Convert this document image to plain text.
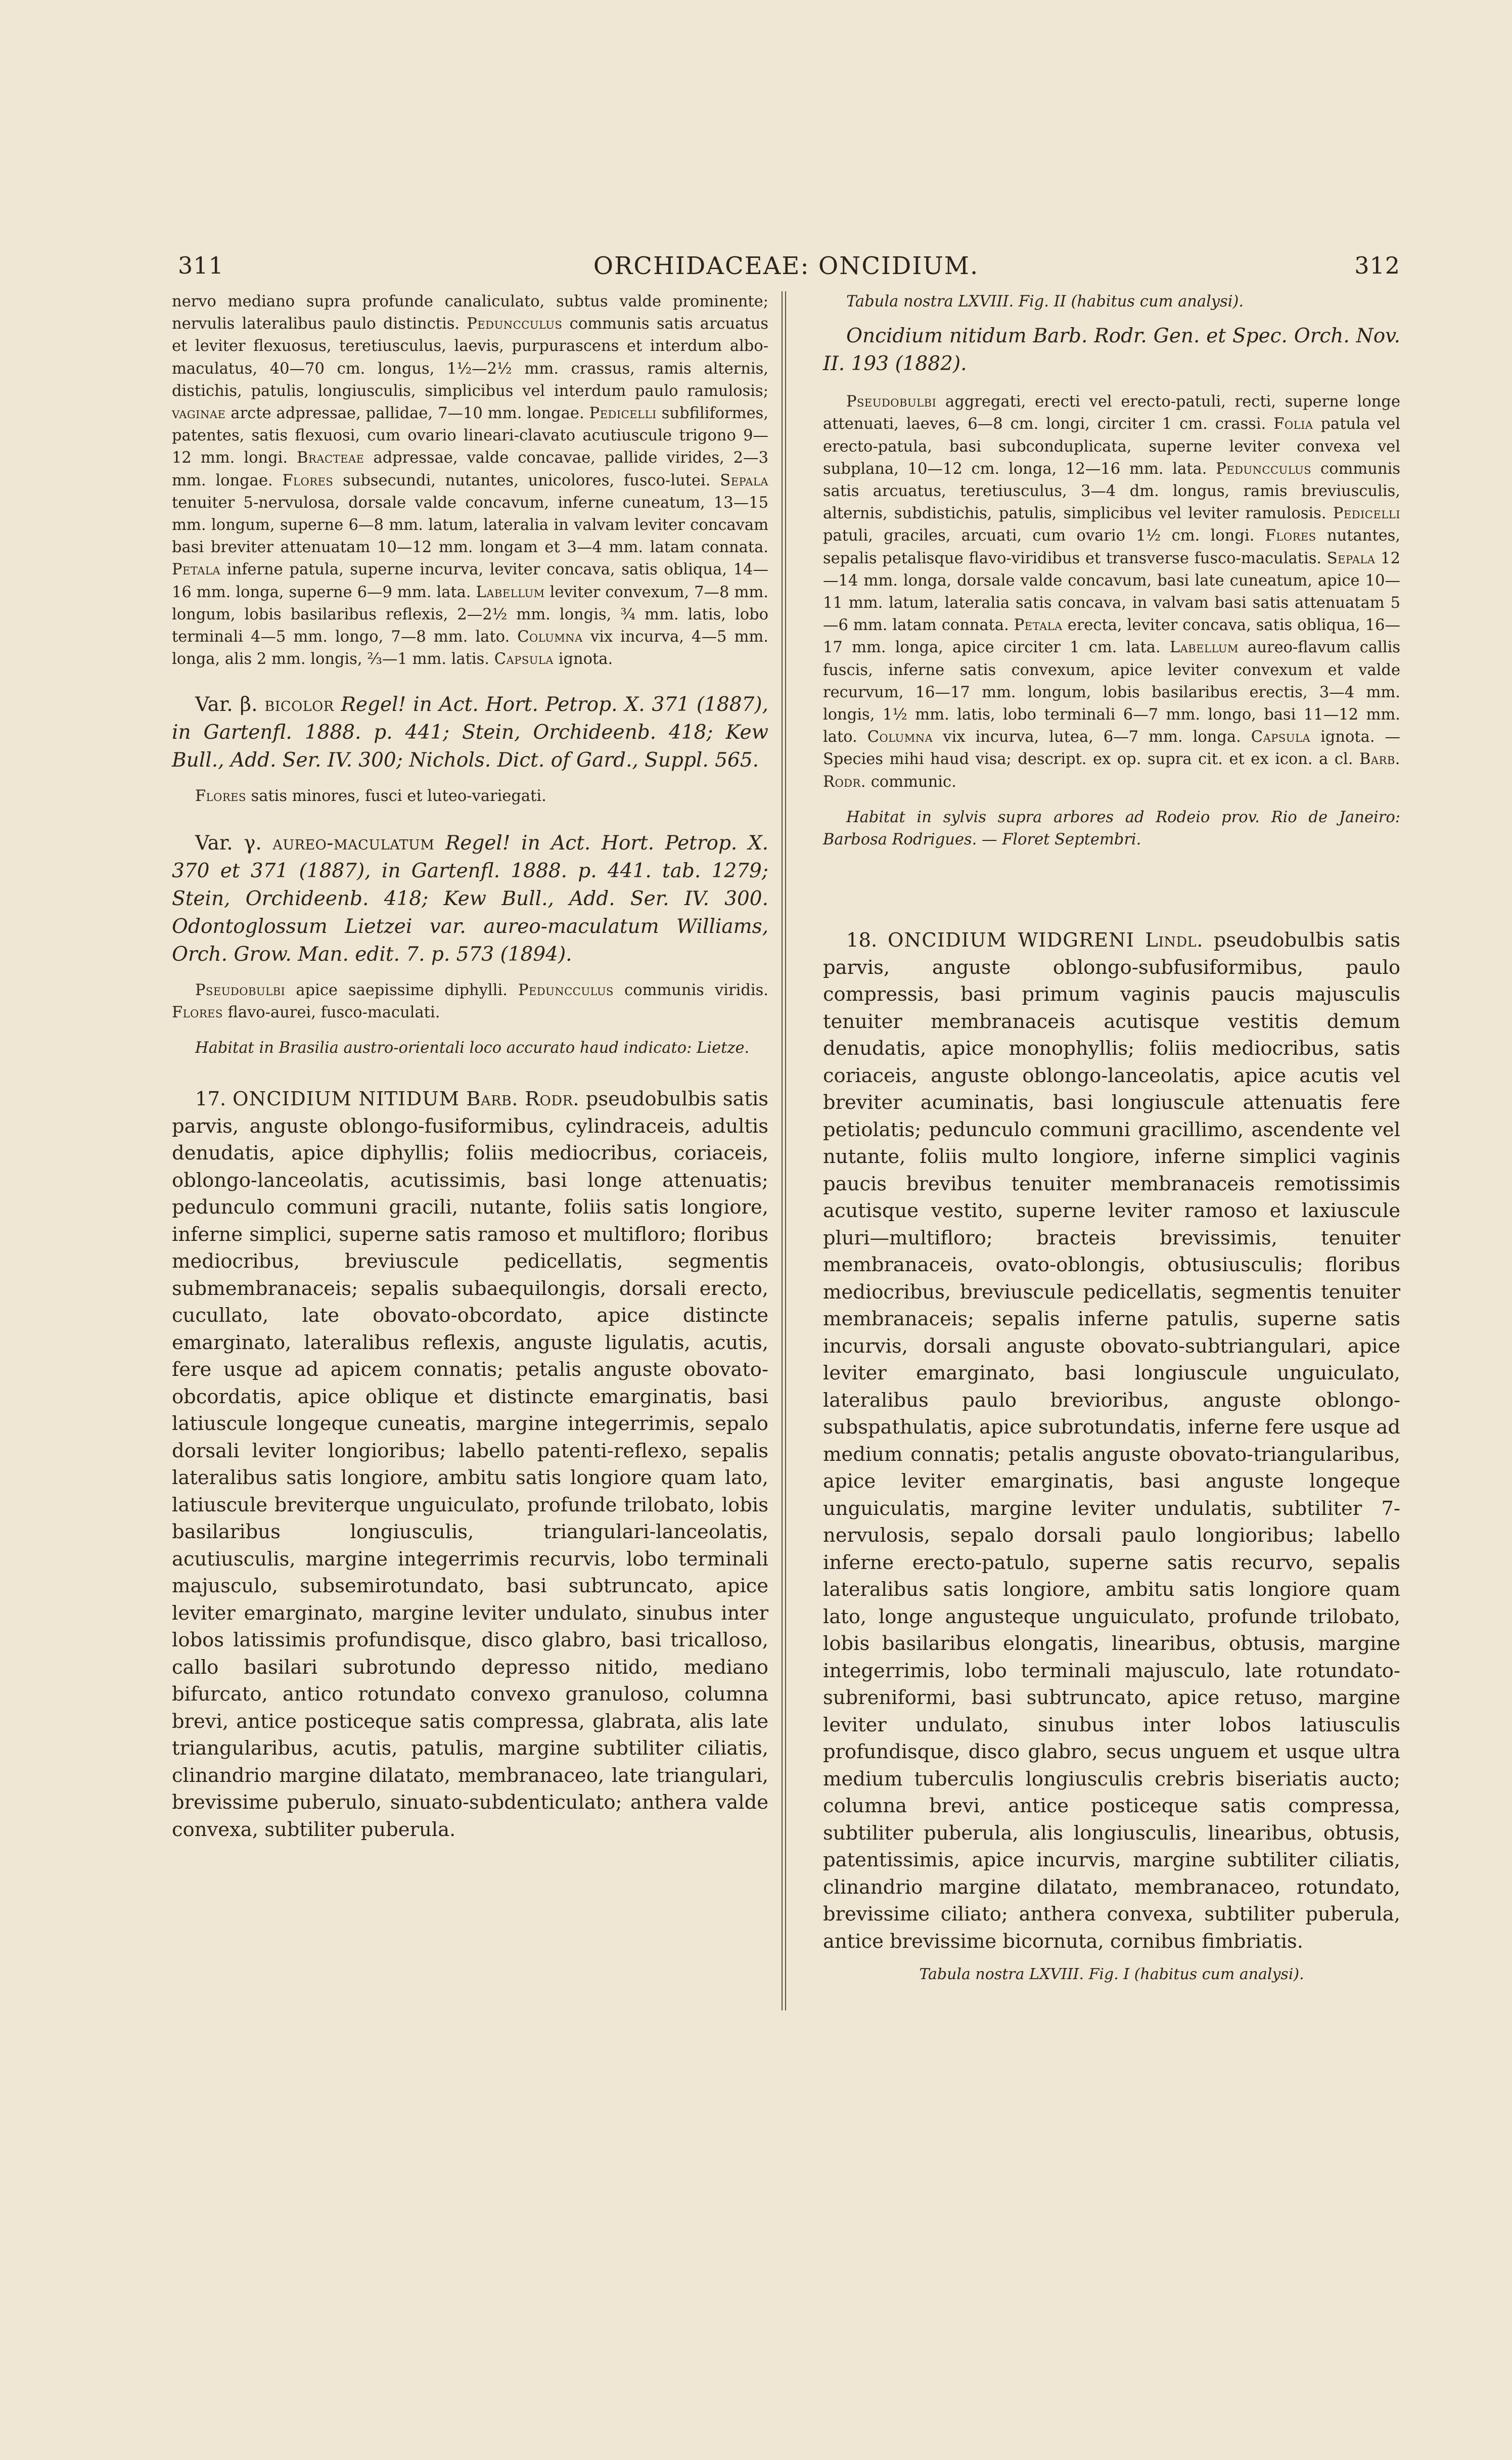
311	ORCHIDACEAE: ONCIDIUM.	312

nervo mediano supra profunde canaliculato, subtus valde prominente; nervulis lateralibus paulo distinctis. Peduncculus communis satis arcuatus et leviter flexuosus, teretiusculus, laevis, purpurascens et interdum albo-maculatus, 40—70 cm. longus, 1½—2½ mm. crassus, ramis alternis, distichis, patulis, longiusculis, simplicibus vel interdum paulo ramulosis; vaginae arcte adpressae, pallidae, 7—10 mm. longae. Pedicelli subfiliformes, patentes, satis flexuosi, cum ovario lineari-clavato acutiuscule trigono 9—12 mm. longi. Bracteae adpressae, valde concavae, pallide virides, 2—3 mm. longae. Flores subsecundi, nutantes, unicolores, fusco-lutei. Sepala tenuiter 5-nervulosa, dorsale valde concavum, inferne cuneatum, 13—15 mm. longum, superne 6—8 mm. latum, lateralia in valvam leviter concavam basi breviter attenuatam 10—12 mm. longam et 3—4 mm. latam connata. Petala inferne patula, superne incurva, leviter concava, satis obliqua, 14—16 mm. longa, superne 6—9 mm. lata. Labellum leviter convexum, 7—8 mm. longum, lobis basilaribus reflexis, 2—2½ mm. longis, ¾ mm. latis, lobo terminali 4—5 mm. longo, 7—8 mm. lato. Columna vix incurva, 4—5 mm. longa, alis 2 mm. longis, ⅔—1 mm. latis. Capsula ignota.

Var. β. bicolor Regel! in Act. Hort. Petrop. X. 371 (1887), in Gartenfl. 1888. p. 441; Stein, Orchideenb. 418; Kew Bull., Add. Ser. IV. 300; Nichols. Dict. of Gard., Suppl. 565.

Flores satis minores, fusci et luteo-variegati.

Var. γ. aureo-maculatum Regel! in Act. Hort. Petrop. X. 370 et 371 (1887), in Gartenfl. 1888. p. 441. tab. 1279; Stein, Orchideenb. 418; Kew Bull., Add. Ser. IV. 300. Odontoglossum Lietzei var. aureo-maculatum Williams, Orch. Grow. Man. edit. 7. p. 573 (1894).

Pseudobulbi apice saepissime diphylli. Peduncculus communis viridis. Flores flavo-aurei, fusco-maculati.

Habitat in Brasilia austro-orientali loco accurato haud indicato: Lietze.

17. ONCIDIUM NITIDUM Barb. Rodr. pseudobulbis satis parvis, anguste oblongo-fusiformibus, cylindraceis, adultis denudatis, apice diphyllis; foliis mediocribus, coriaceis, oblongo-lanceolatis, acutissimis, basi longe attenuatis; pedunculo communi gracili, nutante, foliis satis longiore, inferne simplici, superne satis ramoso et multifloro; floribus mediocribus, breviuscule pedicellatis, segmentis submembranaceis; sepalis subaequilongis, dorsali erecto, cucullato, late obovato-obcordato, apice distincte emarginato, lateralibus reflexis, anguste ligulatis, acutis, fere usque ad apicem connatis; petalis anguste obovato-obcordatis, apice oblique et distincte emarginatis, basi latiuscule longeque cuneatis, margine integerrimis, sepalo dorsali leviter longioribus; labello patenti-reflexo, sepalis lateralibus satis longiore, ambitu satis longiore quam lato, latiuscule breviterque unguiculato, profunde trilobato, lobis basilaribus longiusculis, triangulari-lanceolatis, acutiusculis, margine integerrimis recurvis, lobo terminali majusculo, subsemirotundato, basi subtruncato, apice leviter emarginato, margine leviter undulato, sinubus inter lobos latissimis profundisque, disco glabro, basi tricalloso, callo basilari subrotundo depresso nitido, mediano bifurcato, antico rotundato convexo granuloso, columna brevi, antice posticeque satis compressa, glabrata, alis late triangularibus, acutis, patulis, margine subtiliter ciliatis, clinandrio margine dilatato, membranaceo, late triangulari, brevissime puberulo, sinuato-subdenticulato; anthera valde convexa, subtiliter puberula.

Tabula nostra LXVIII. Fig. II (habitus cum analysi).

Oncidium nitidum Barb. Rodr. Gen. et Spec. Orch. Nov. II. 193 (1882).

Pseudobulbi aggregati, erecti vel erecto-patuli, recti, superne longe attenuati, laeves, 6—8 cm. longi, circiter 1 cm. crassi. Folia patula vel erecto-patula, basi subconduplicata, superne leviter convexa vel subplana, 10—12 cm. longa, 12—16 mm. lata. Peduncculus communis satis arcuatus, teretiusculus, 3—4 dm. longus, ramis breviusculis, alternis, subdistichis, patulis, simplicibus vel leviter ramulosis. Pedicelli patuli, graciles, arcuati, cum ovario 1½ cm. longi. Flores nutantes, sepalis petalisque flavo-viridibus et transverse fusco-maculatis. Sepala 12—14 mm. longa, dorsale valde concavum, basi late cuneatum, apice 10—11 mm. latum, lateralia satis concava, in valvam basi satis attenuatam 5—6 mm. latam connata. Petala erecta, leviter concava, satis obliqua, 16—17 mm. longa, apice circiter 1 cm. lata. Labellum aureo-flavum callis fuscis, inferne satis convexum, apice leviter convexum et valde recurvum, 16—17 mm. longum, lobis basilaribus erectis, 3—4 mm. longis, 1½ mm. latis, lobo terminali 6—7 mm. longo, basi 11—12 mm. lato. Columna vix incurva, lutea, 6—7 mm. longa. Capsula ignota. — Species mihi haud visa; descript. ex op. supra cit. et ex icon. a cl. Barb. Rodr. communic.

Habitat in sylvis supra arbores ad Rodeio prov. Rio de Janeiro: Barbosa Rodrigues. — Floret Septembri.

18. ONCIDIUM WIDGRENI Lindl. pseudobulbis satis parvis, anguste oblongo-subfusiformibus, paulo compressis, basi primum vaginis paucis majusculis tenuiter membranaceis acutisque vestitis demum denudatis, apice monophyllis; foliis mediocribus, satis coriaceis, anguste oblongo-lanceolatis, apice acutis vel breviter acuminatis, basi longiuscule attenuatis fere petiolatis; pedunculo communi gracillimo, ascendente vel nutante, foliis multo longiore, inferne simplici vaginis paucis brevibus tenuiter membranaceis remotissimis acutisque vestito, superne leviter ramoso et laxiuscule pluri—multifloro; bracteis brevissimis, tenuiter membranaceis, ovato-oblongis, obtusiusculis; floribus mediocribus, breviuscule pedicellatis, segmentis tenuiter membranaceis; sepalis inferne patulis, superne satis incurvis, dorsali anguste obovato-subtriangulari, apice leviter emarginato, basi longiuscule unguiculato, lateralibus paulo brevioribus, anguste oblongo-subspathulatis, apice subrotundatis, inferne fere usque ad medium connatis; petalis anguste obovato-triangularibus, apice leviter emarginatis, basi anguste longeque unguiculatis, margine leviter undulatis, subtiliter 7-nervulosis, sepalo dorsali paulo longioribus; labello inferne erecto-patulo, superne satis recurvo, sepalis lateralibus satis longiore, ambitu satis longiore quam lato, longe angusteque unguiculato, profunde trilobato, lobis basilaribus elongatis, linearibus, obtusis, margine integerrimis, lobo terminali majusculo, late rotundato-subreniformi, basi subtruncato, apice retuso, margine leviter undulato, sinubus inter lobos latiusculis profundisque, disco glabro, secus unguem et usque ultra medium tuberculis longiusculis crebris biseriatis aucto; columna brevi, antice posticeque satis compressa, subtiliter puberula, alis longiusculis, linearibus, obtusis, patentissimis, apice incurvis, margine subtiliter ciliatis, clinandrio margine dilatato, membranaceo, rotundato, brevissime ciliato; anthera convexa, subtiliter puberula, antice brevissime bicornuta, cornibus fimbriatis.

Tabula nostra LXVIII. Fig. I (habitus cum analysi).
